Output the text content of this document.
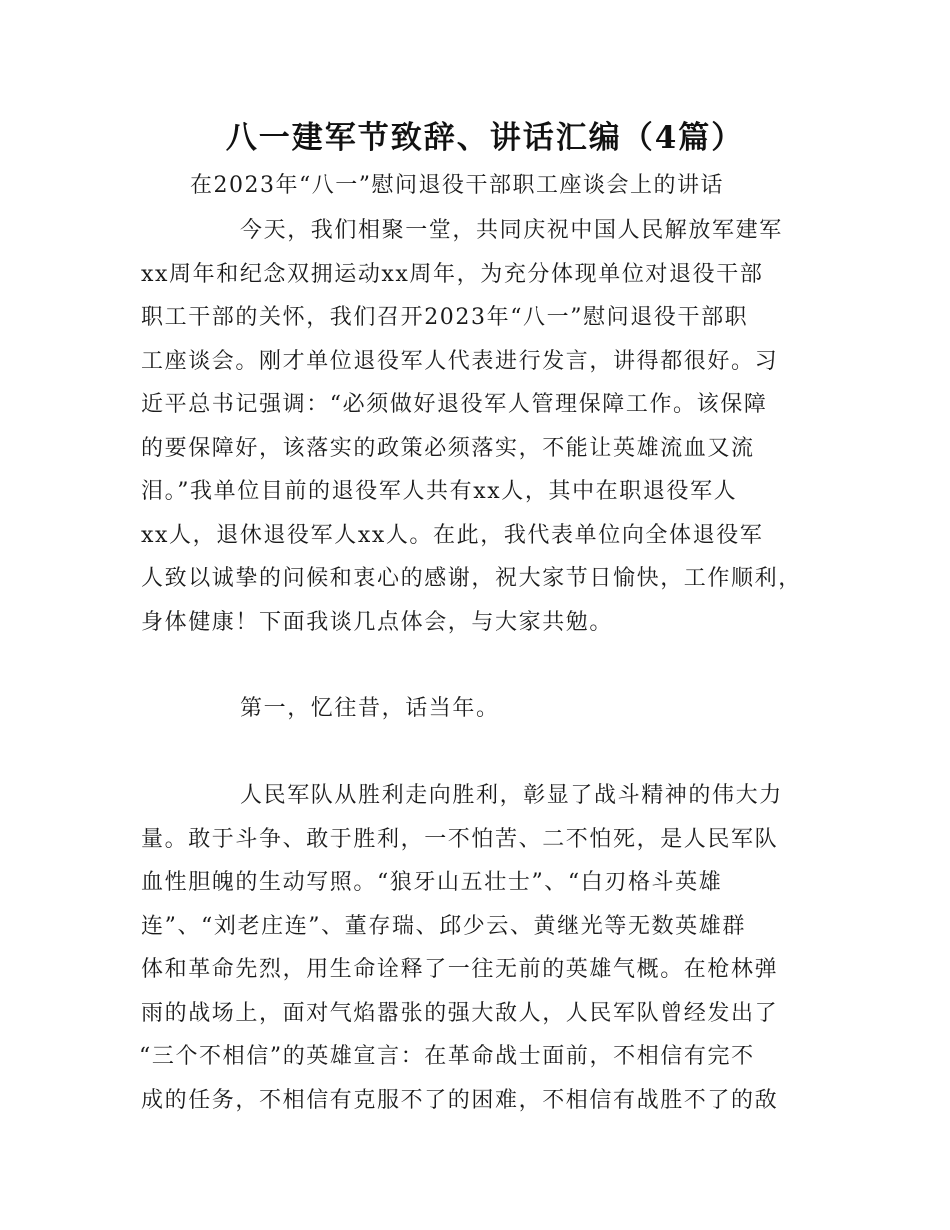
八一建军节致辞、讲话汇编（4篇）
在2023年“八一”慰问退役干部职工座谈会上的讲话
今天，我们相聚一堂，共同庆祝中国人民解放军建军
xx周年和纪念双拥运动xx周年，为充分体现单位对退役干部
职工干部的关怀，我们召开2023年“八一”慰问退役干部职
工座谈会。刚才单位退役军人代表进行发言，讲得都很好。习
近平总书记强调：“必须做好退役军人管理保障工作。该保障
的要保障好，该落实的政策必须落实，不能让英雄流血又流
泪。”我单位目前的退役军人共有xx人，其中在职退役军人
xx人，退休退役军人xx人。在此，我代表单位向全体退役军
人致以诚挚的问候和衷心的感谢，祝大家节日愉快，工作顺利，
身体健康！下面我谈几点体会，与大家共勉。
第一，忆往昔，话当年。
人民军队从胜利走向胜利，彰显了战斗精神的伟大力
量。敢于斗争、敢于胜利，一不怕苦、二不怕死，是人民军队
血性胆魄的生动写照。“狼牙山五壮士”、“白刃格斗英雄
连”、“刘老庄连”、董存瑞、邱少云、黄继光等无数英雄群
体和革命先烈，用生命诠释了一往无前的英雄气概。在枪林弹
雨的战场上，面对气焰嚣张的强大敌人，人民军队曾经发出了
“三个不相信”的英雄宣言：在革命战士面前，不相信有完不
成的任务，不相信有克服不了的困难，不相信有战胜不了的敌
